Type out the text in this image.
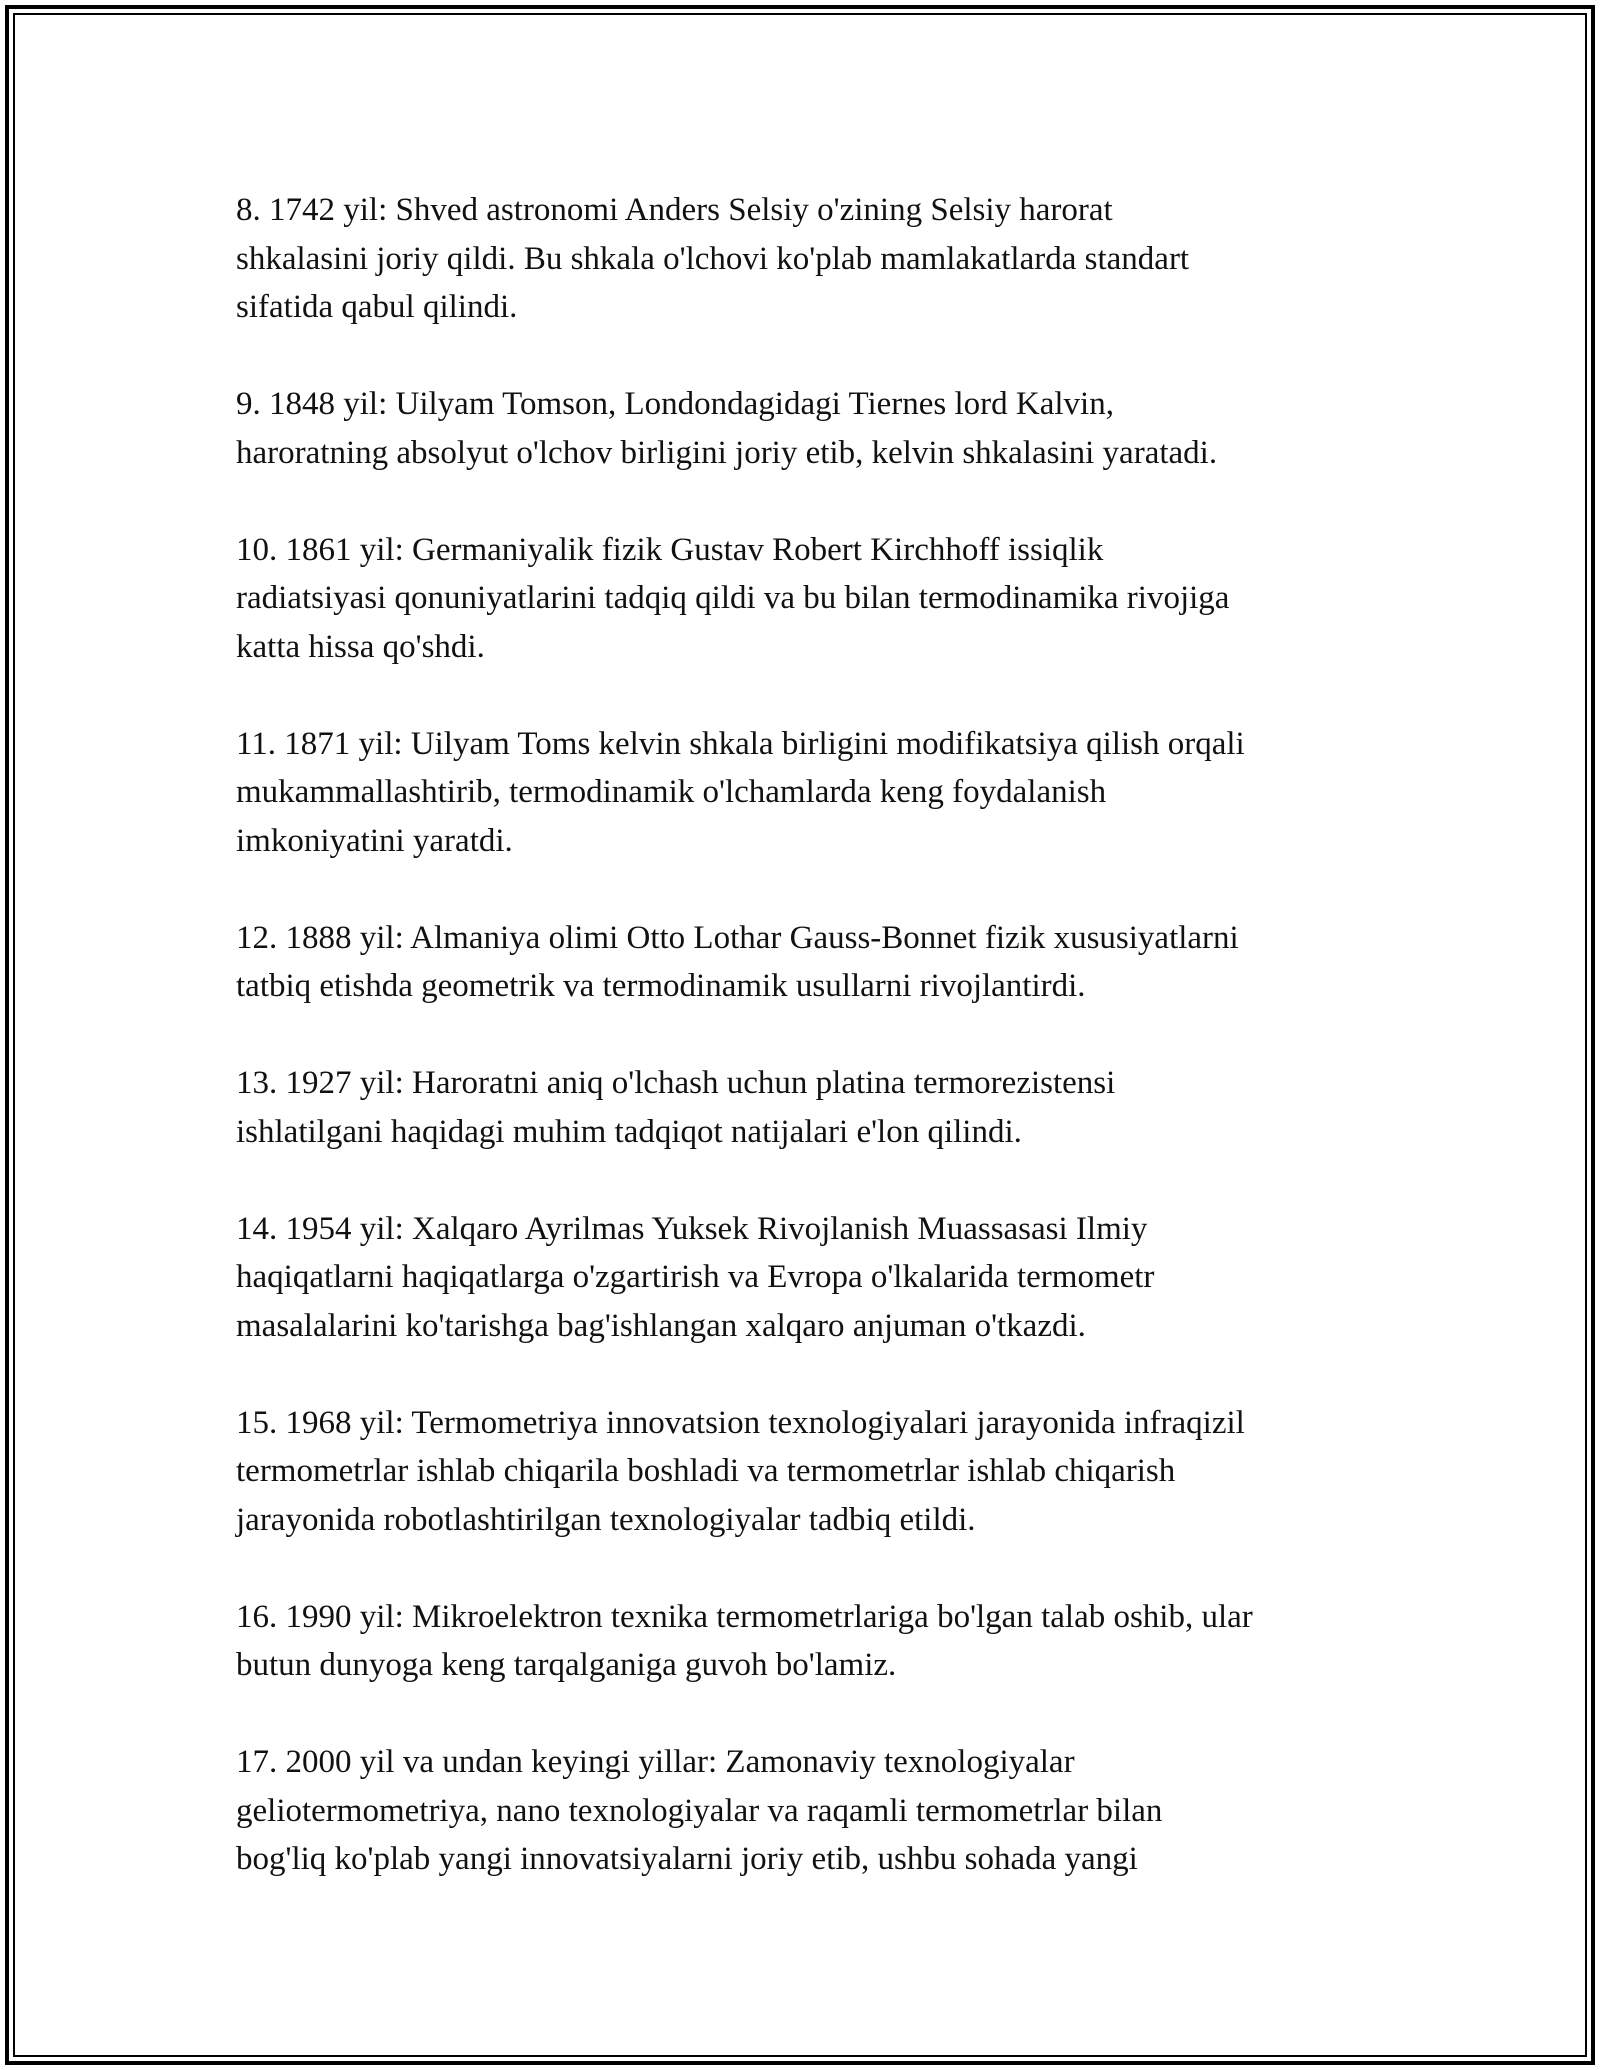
8. 1742 yil: Shved astronomi Anders Selsiy o'zining Selsiy harorat
shkalasini joriy qildi. Bu shkala o'lchovi ko'plab mamlakatlarda standart
sifatida qabul qilindi.

9. 1848 yil: Uilyam Tomson, Londondagidagi Tiernes lord Kalvin,
haroratning absolyut o'lchov birligini joriy etib, kelvin shkalasini yaratadi.

10. 1861 yil: Germaniyalik fizik Gustav Robert Kirchhoff issiqlik
radiatsiyasi qonuniyatlarini tadqiq qildi va bu bilan termodinamika rivojiga
katta hissa qo'shdi.

11. 1871 yil: Uilyam Toms kelvin shkala birligini modifikatsiya qilish orqali
mukammallashtirib, termodinamik o'lchamlarda keng foydalanish
imkoniyatini yaratdi.

12. 1888 yil: Almaniya olimi Otto Lothar Gauss-Bonnet fizik xususiyatlarni
tatbiq etishda geometrik va termodinamik usullarni rivojlantirdi.

13. 1927 yil: Haroratni aniq o'lchash uchun platina termorezistensi
ishlatilgani haqidagi muhim tadqiqot natijalari e'lon qilindi.

14. 1954 yil: Xalqaro Ayrilmas Yuksek Rivojlanish Muassasasi Ilmiy
haqiqatlarni haqiqatlarga o'zgartirish va Evropa o'lkalarida termometr
masalalarini ko'tarishga bag'ishlangan xalqaro anjuman o'tkazdi.

15. 1968 yil: Termometriya innovatsion texnologiyalari jarayonida infraqizil
termometrlar ishlab chiqarila boshladi va termometrlar ishlab chiqarish
jarayonida robotlashtirilgan texnologiyalar tadbiq etildi.

16. 1990 yil: Mikroelektron texnika termometrlariga bo'lgan talab oshib, ular
butun dunyoga keng tarqalganiga guvoh bo'lamiz.

17. 2000 yil va undan keyingi yillar: Zamonaviy texnologiyalar
geliotermometriya, nano texnologiyalar va raqamli termometrlar bilan
bog'liq ko'plab yangi innovatsiyalarni joriy etib, ushbu sohada yangi
